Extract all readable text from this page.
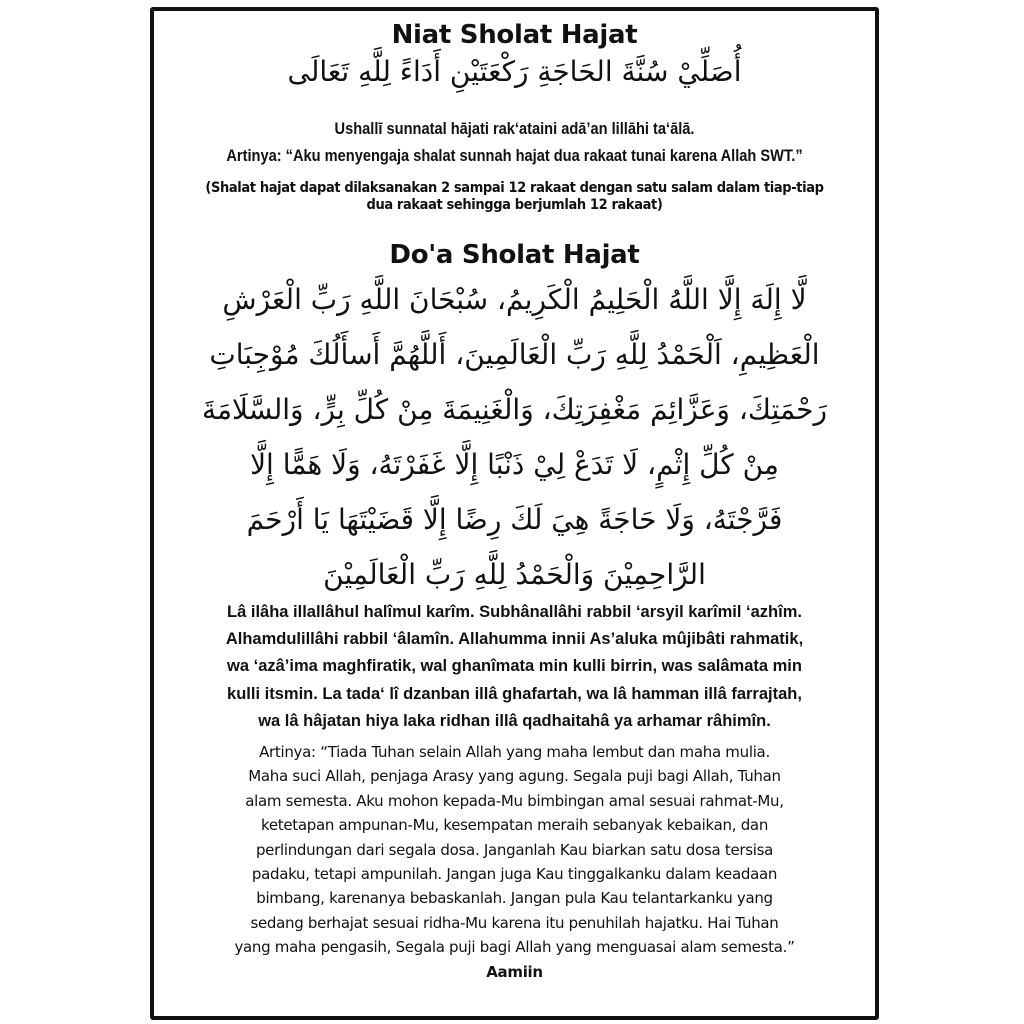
Niat Sholat Hajat
أُصَلِّيْ سُنَّةَ الحَاجَةِ رَكْعَتَيْنِ أَدَاءً لِلَّهِ تَعَالَى
Ushallī sunnatal hājati rak‘ataini adā’an lillāhi ta‘ālā.
Artinya: “Aku menyengaja shalat sunnah hajat dua rakaat tunai karena Allah SWT.”
(Shalat hajat dapat dilaksanakan 2 sampai 12 rakaat dengan satu salam dalam tiap-tiap
dua rakaat sehingga berjumlah 12 rakaat)
Do'a Sholat Hajat
لَّا إِلَهَ إِلَّا اللَّهُ الْحَلِيمُ الْكَرِيمُ، سُبْحَانَ اللَّهِ رَبِّ الْعَرْشِ
الْعَظِيمِ، اَلْحَمْدُ لِلَّهِ رَبِّ الْعَالَمِينَ، أَللَّهُمَّ أَسأَلُكَ مُوْجِبَاتِ
رَحْمَتِكَ، وَعَزَّائِمَ مَغْفِرَتِكَ، وَالْغَنِيمَةَ مِنْ كُلِّ بِرٍّ، وَالسَّلَامَةَ
مِنْ كُلِّ إِثْمٍ، لَا تَدَعْ لِيْ ذَنْبًا إِلَّا غَفَرْتَهُ، وَلَا هَمًّا إِلَّا
فَرَّجْتَهُ، وَلَا حَاجَةً هِيَ لَكَ رِضًا إِلَّا قَضَيْتَهَا يَا أَرْحَمَ
الرَّاحِمِيْنَ وَالْحَمْدُ لِلَّهِ رَبِّ الْعَالَمِيْنَ
Lâ ilâha illallâhul halîmul karîm. Subhânallâhi rabbil ‘arsyil karîmil ‘azhîm.
Alhamdulillâhi rabbil ‘âlamîn. Allahumma innii As’aluka mûjibâti rahmatik,
wa ‘azâ’ima maghfiratik, wal ghanîmata min kulli birrin, was salâmata min
kulli itsmin. La tada‘ lî dzanban illâ ghafartah, wa lâ hamman illâ farrajtah,
wa lâ hâjatan hiya laka ridhan illâ qadhaitahâ ya arhamar râhimîn.
Artinya: “Tiada Tuhan selain Allah yang maha lembut dan maha mulia.
Maha suci Allah, penjaga Arasy yang agung. Segala puji bagi Allah, Tuhan
alam semesta. Aku mohon kepada-Mu bimbingan amal sesuai rahmat-Mu,
ketetapan ampunan-Mu, kesempatan meraih sebanyak kebaikan, dan
perlindungan dari segala dosa. Janganlah Kau biarkan satu dosa tersisa
padaku, tetapi ampunilah. Jangan juga Kau tinggalkanku dalam keadaan
bimbang, karenanya bebaskanlah. Jangan pula Kau telantarkanku yang
sedang berhajat sesuai ridha-Mu karena itu penuhilah hajatku. Hai Tuhan
yang maha pengasih, Segala puji bagi Allah yang menguasai alam semesta.”
Aamiin
